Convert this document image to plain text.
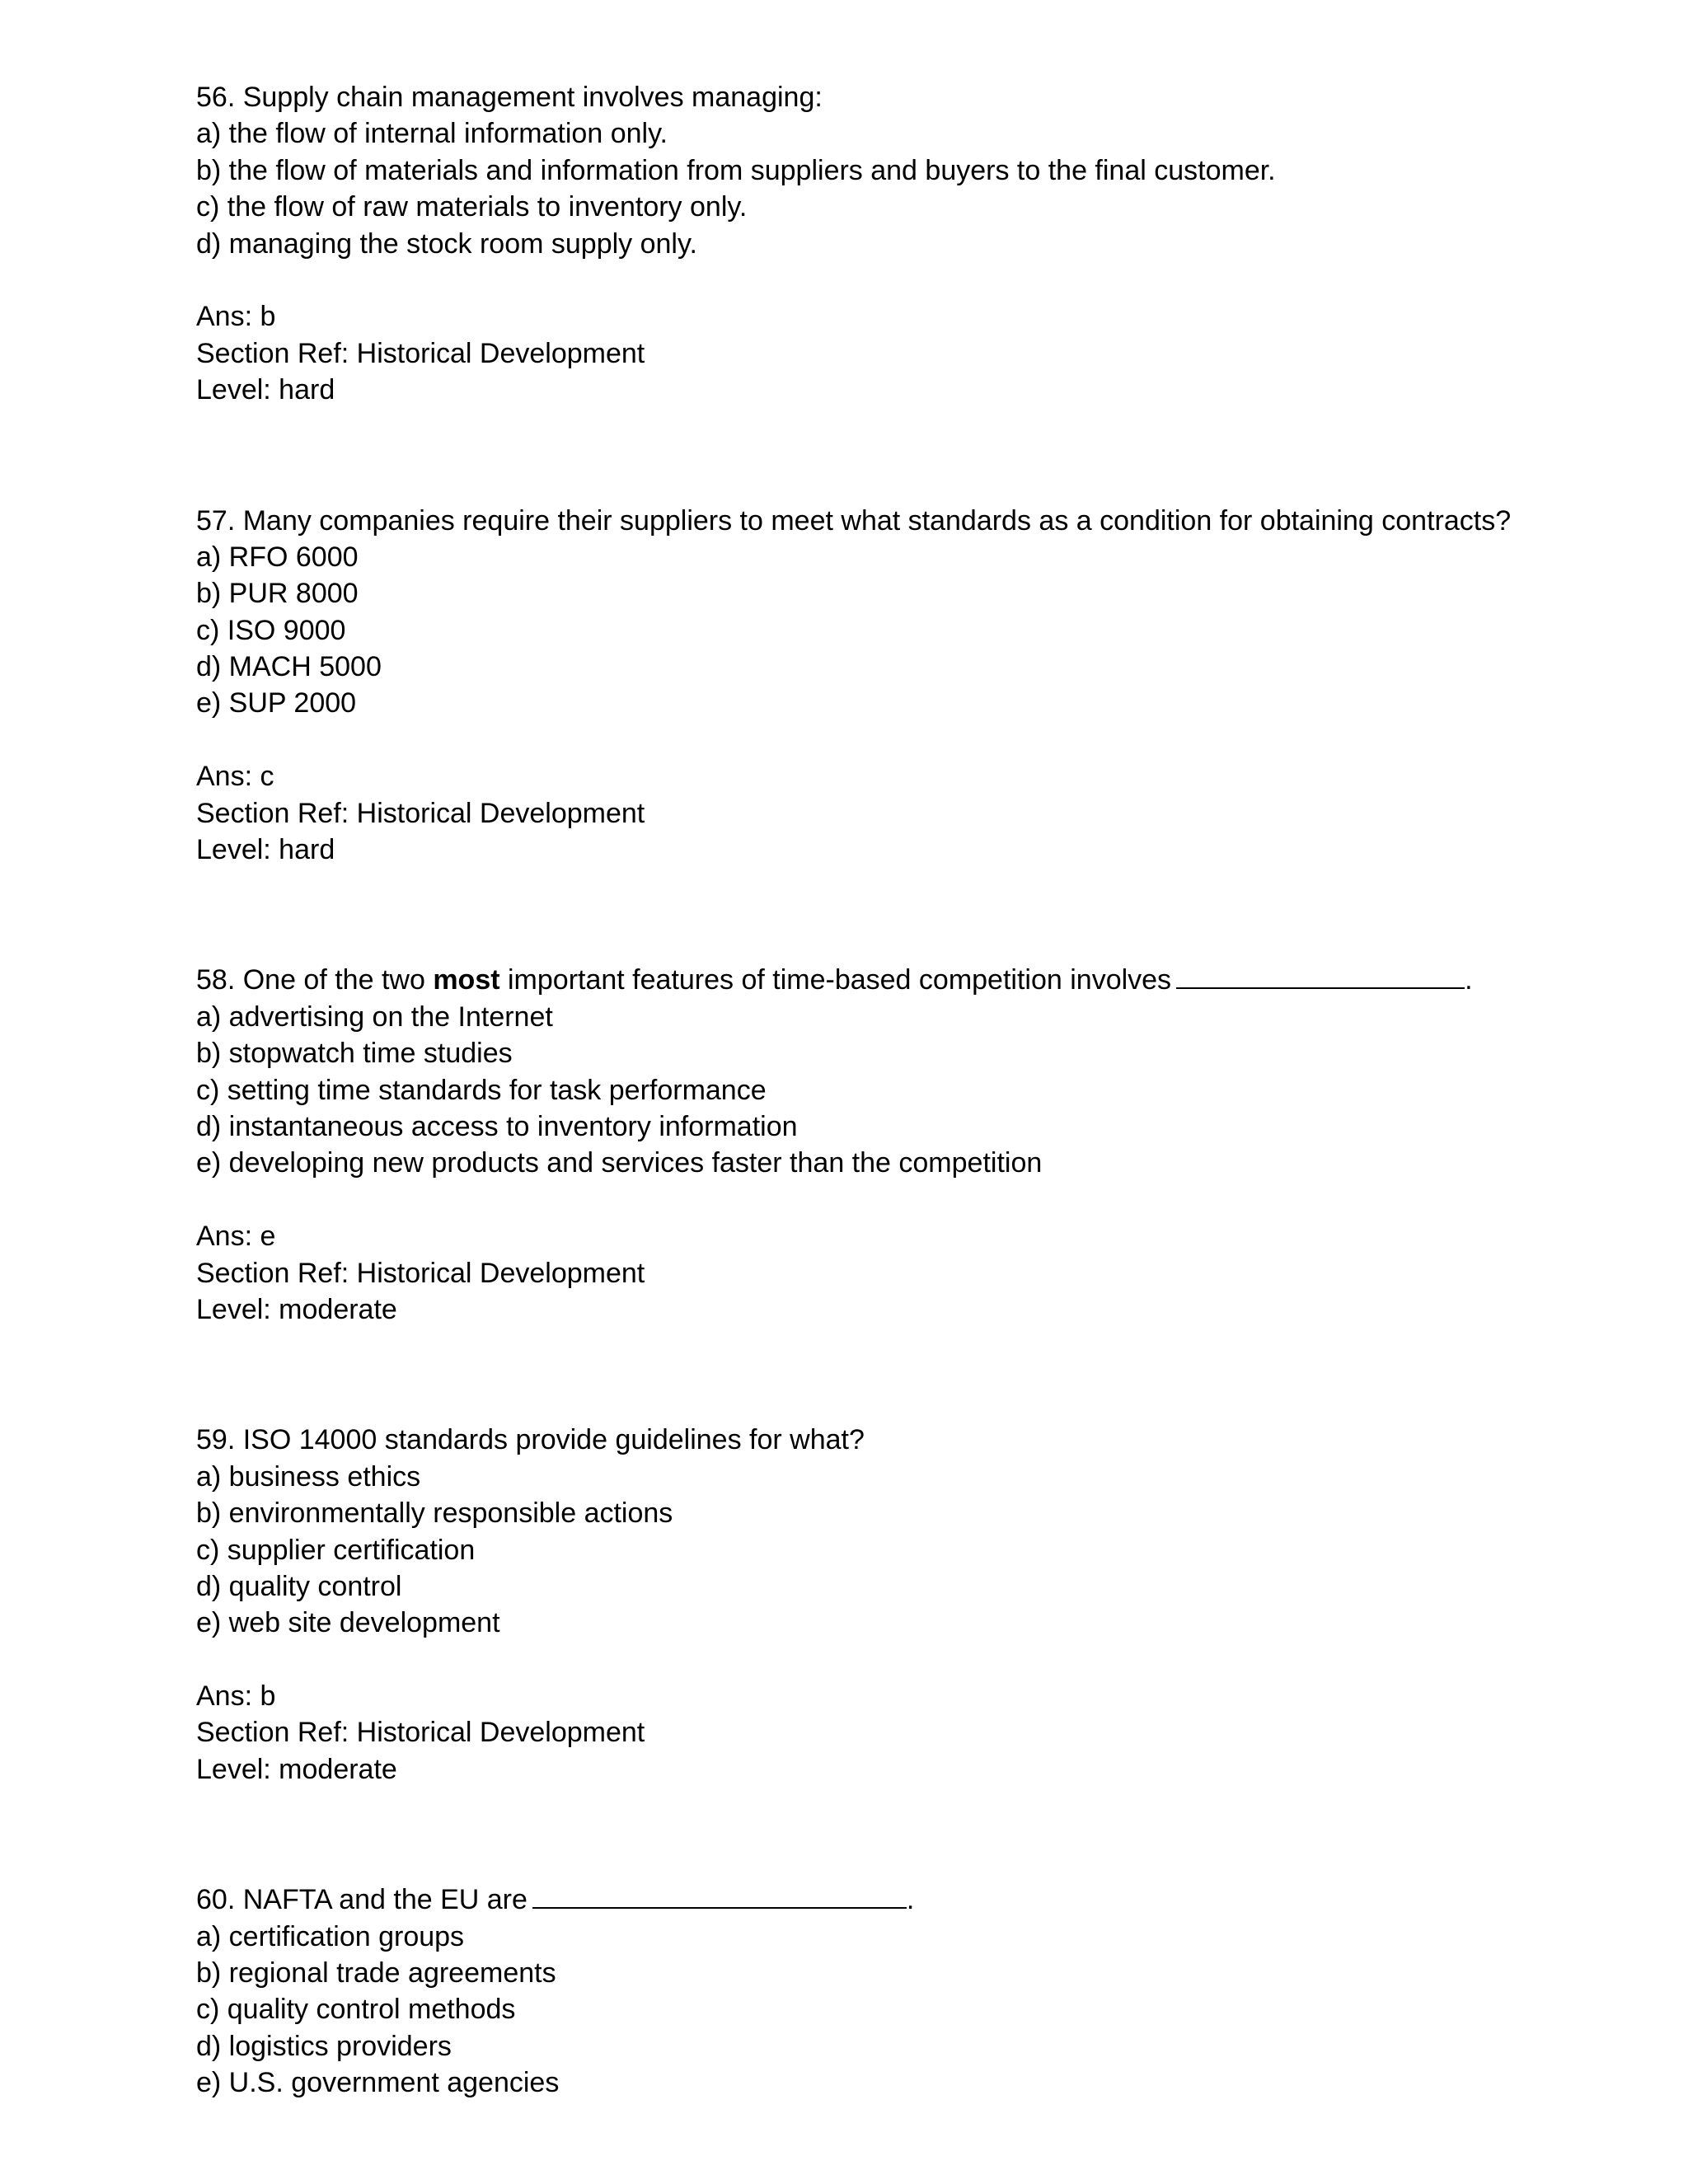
56. Supply chain management involves managing:

a) the flow of internal information only.

b) the flow of materials and information from suppliers and buyers to the final customer.

c) the flow of raw materials to inventory only.

d) managing the stock room supply only.

Ans: b

Section Ref: Historical Development

Level: hard

57. Many companies require their suppliers to meet what standards as a condition for obtaining contracts?

a) RFO 6000

b) PUR 8000

c) ISO 9000

d) MACH 5000

e) SUP 2000

Ans: c

Section Ref: Historical Development

Level: hard

58. One of the two most important features of time-based competition involves	.

a) advertising on the Internet

b) stopwatch time studies

c) setting time standards for task performance

d) instantaneous access to inventory information

e) developing new products and services faster than the competition

Ans: e

Section Ref: Historical Development

Level: moderate

59. ISO 14000 standards provide guidelines for what?

a) business ethics

b) environmentally responsible actions

c) supplier certification

d) quality control

e) web site development

Ans: b

Section Ref: Historical Development

Level: moderate

60. NAFTA and the EU are	.

a) certification groups

b) regional trade agreements

c) quality control methods

d) logistics providers

e) U.S. government agencies
